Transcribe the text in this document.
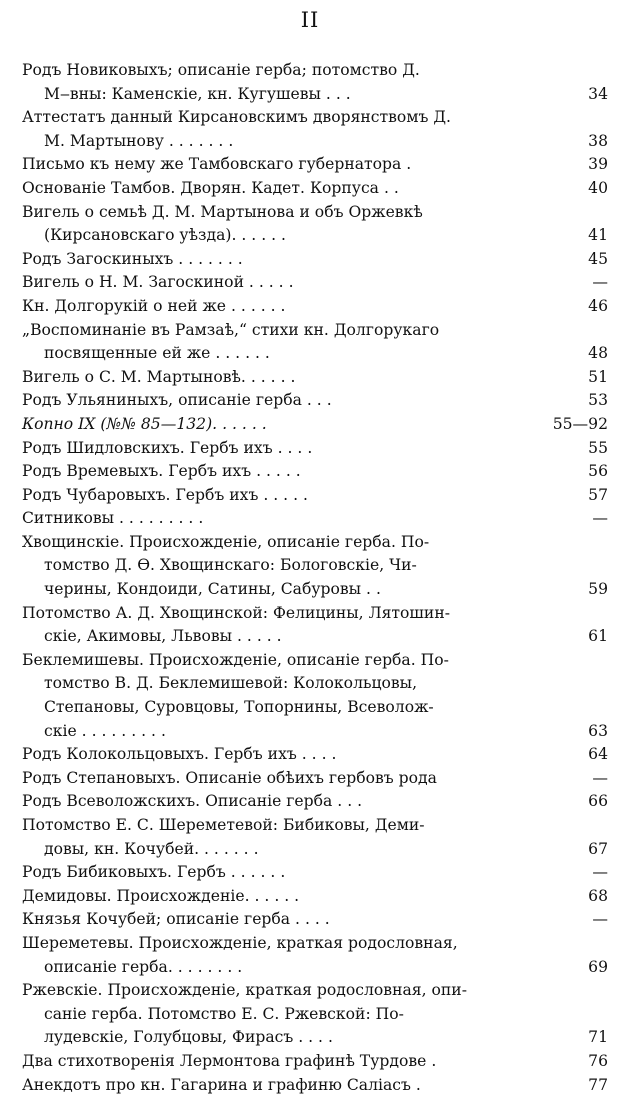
II
Родъ Новиковыхъ; описаніе герба; потомство Д.
М‒вны: Каменскіе, кн. Кугушевы . . .	34
Аттестатъ данный Кирсановскимъ дворянствомъ Д.
М. Мартынову . . . . . . .	38
Письмо къ нему же Тамбовскаго губернатора .	39
Основаніе Тамбов. Дворян. Кадет. Корпуса . .	40
Вигель о семьѣ Д. М. Мартынова и объ Оржевкѣ
(Кирсановскаго уѣзда). . . . . .	41
Родъ Загоскиныхъ . . . . . . .	45
Вигель о Н. М. Загоскиной . . . . .	—
Кн. Долгорукій о ней же . . . . . .	46
„Воспоминаніе въ Рамзаѣ,“ стихи кн. Долгорукаго
посвященные ей же . . . . . .	48
Вигель о С. М. Мартыновѣ. . . . . .	51
Родъ Ульяниныхъ, описаніе герба . . .	53
Копнo IX (№№ 85—132). . . . . .	55—92
Родъ Шидловскихъ. Гербъ ихъ . . . .	55
Родъ Времевыхъ. Гербъ ихъ . . . . .	56
Родъ Чубаровыхъ. Гербъ ихъ . . . . .	57
Ситниковы . . . . . . . . .	—
Хвощинскіе. Происхожденіе, описаніе герба. По-
томство Д. Ѳ. Хвощинскаго: Бологовскіе, Чи-
черины, Кондоиди, Сатины, Сабуровы . .	59
Потомство А. Д. Хвощинской: Фелицины, Лятошин-
скіе, Акимовы, Львовы . . . . .	61
Беклемишевы. Происхожденіе, описаніе герба. По-
томство В. Д. Беклемишевой: Колокольцовы,
Степановы, Суровцовы, Топорнины, Всеволож-
скіе . . . . . . . . .	63
Родъ Колокольцовыхъ. Гербъ ихъ . . . .	64
Родъ Степановыхъ. Описаніе обѣихъ гербовъ рода	—
Родъ Всеволожскихъ. Описаніе герба . . .	66
Потомство Е. С. Шереметевой: Бибиковы, Деми-
довы, кн. Кочубей. . . . . . .	67
Родъ Бибиковыхъ. Гербъ . . . . . .	—
Демидовы. Происхожденіе. . . . . .	68
Князья Кочубей; описаніе герба . . . .	—
Шереметевы. Происхожденіе, краткая родословная,
описаніе герба. . . . . . . .	69
Ржевскіе. Происхожденіе, краткая родословная, опи-
саніе герба. Потомство Е. С. Ржевской: По-
лудевскіе, Голубцовы, Фирасъ . . . .	71
Два стихотворенія Лермонтова графинѣ Турдове .	76
Анекдотъ про кн. Гагарина и графиню Саліасъ .	77
